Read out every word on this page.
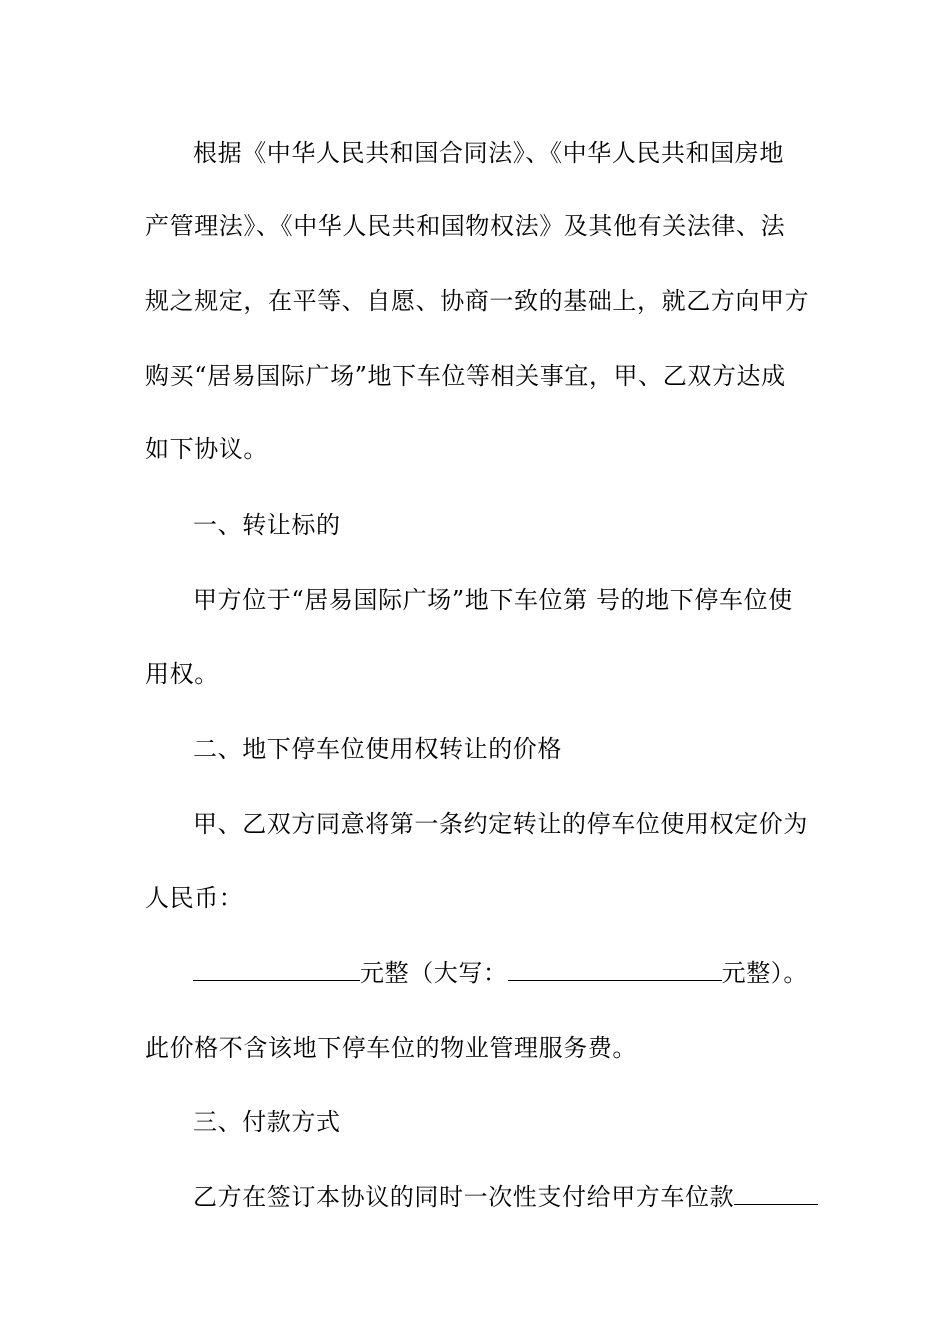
根据《中华人民共和国合同法》、《中华人民共和国房地
产管理法》、《中华人民共和国物权法》及其他有关法律、法
规之规定，在平等、自愿、协商一致的基础上，就乙方向甲方
购买“居易国际广场”地下车位等相关事宜，甲、乙双方达成
如下协议。
一、转让标的
甲方位于“居易国际广场”地下车位第 号的地下停车位使
用权。
二、地下停车位使用权转让的价格
甲、乙双方同意将第一条约定转让的停车位使用权定价为
人民币：
元整（大写：	元整）。
此价格不含该地下停车位的物业管理服务费。
三、付款方式
乙方在签订本协议的同时一次性支付给甲方车位款
